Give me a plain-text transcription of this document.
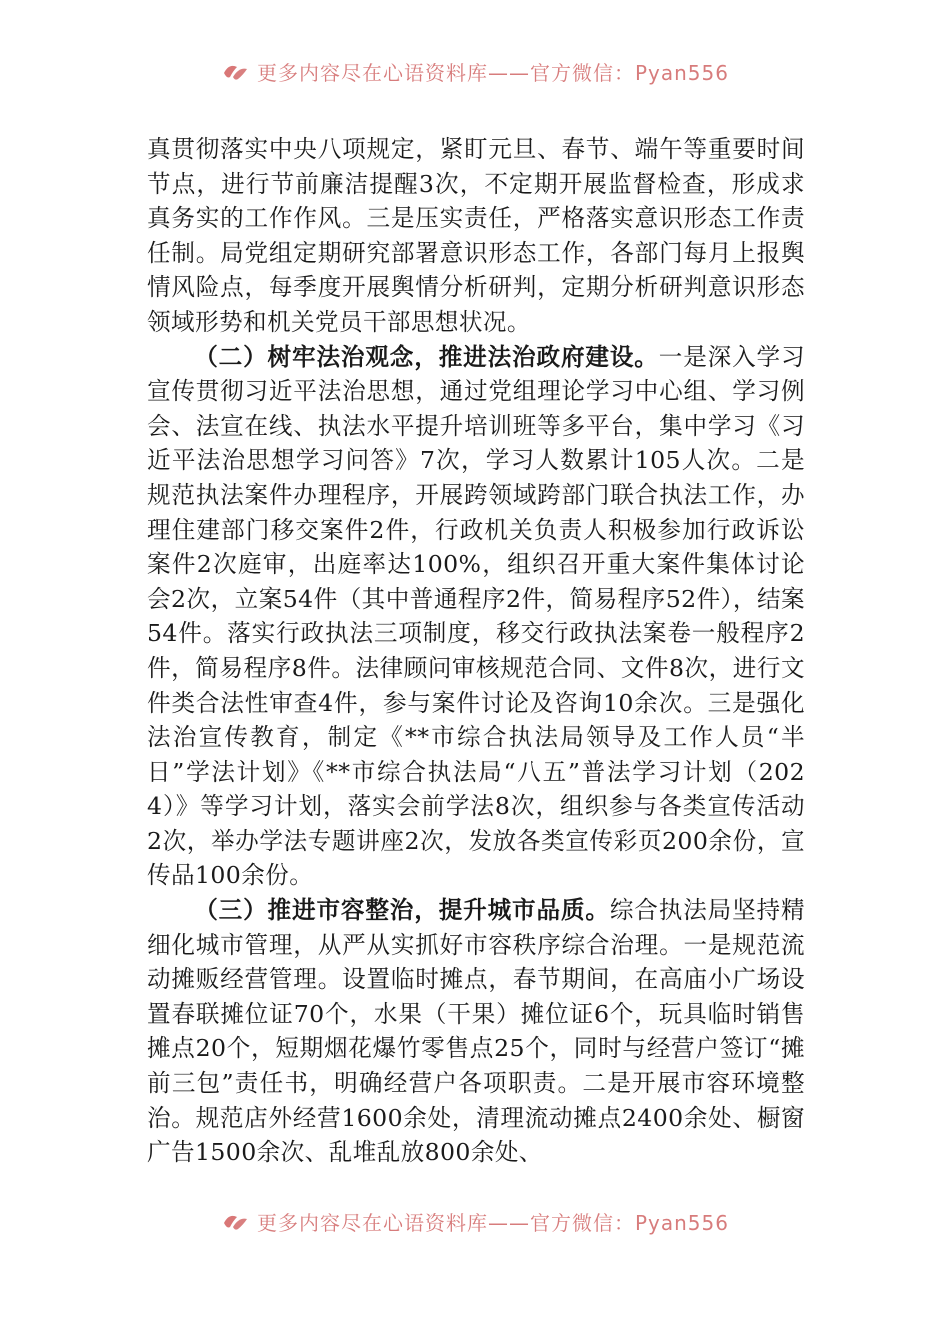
更多内容尽在心语资料库——官方微信：Pyan556

真贯彻落实中央八项规定，紧盯元旦、春节、端午等重要时间节点，进行节前廉洁提醒3次，不定期开展监督检查，形成求真务实的工作作风。三是压实责任，严格落实意识形态工作责任制。局党组定期研究部署意识形态工作，各部门每月上报舆情风险点，每季度开展舆情分析研判，定期分析研判意识形态领域形势和机关党员干部思想状况。

（二）树牢法治观念，推进法治政府建设。一是深入学习宣传贯彻习近平法治思想，通过党组理论学习中心组、学习例会、法宣在线、执法水平提升培训班等多平台，集中学习《习近平法治思想学习问答》7次，学习人数累计105人次。二是规范执法案件办理程序，开展跨领域跨部门联合执法工作，办理住建部门移交案件2件，行政机关负责人积极参加行政诉讼案件2次庭审，出庭率达100%，组织召开重大案件集体讨论会2次，立案54件（其中普通程序2件，简易程序52件），结案54件。落实行政执法三项制度，移交行政执法案卷一般程序2件，简易程序8件。法律顾问审核规范合同、文件8次，进行文件类合法性审查4件，参与案件讨论及咨询10余次。三是强化法治宣传教育，制定《**市综合执法局领导及工作人员“半日”学法计划》《**市综合执法局“八五”普法学习计划（2024）》等学习计划，落实会前学法8次，组织参与各类宣传活动2次，举办学法专题讲座2次，发放各类宣传彩页200余份，宣传品100余份。

（三）推进市容整治，提升城市品质。综合执法局坚持精细化城市管理，从严从实抓好市容秩序综合治理。一是规范流动摊贩经营管理。设置临时摊点，春节期间，在高庙小广场设置春联摊位证70个，水果（干果）摊位证6个，玩具临时销售摊点20个，短期烟花爆竹零售点25个，同时与经营户签订“摊前三包”责任书，明确经营户各项职责。二是开展市容环境整治。规范店外经营1600余处，清理流动摊点2400余处、橱窗广告1500余次、乱堆乱放800余处、

更多内容尽在心语资料库——官方微信：Pyan556
